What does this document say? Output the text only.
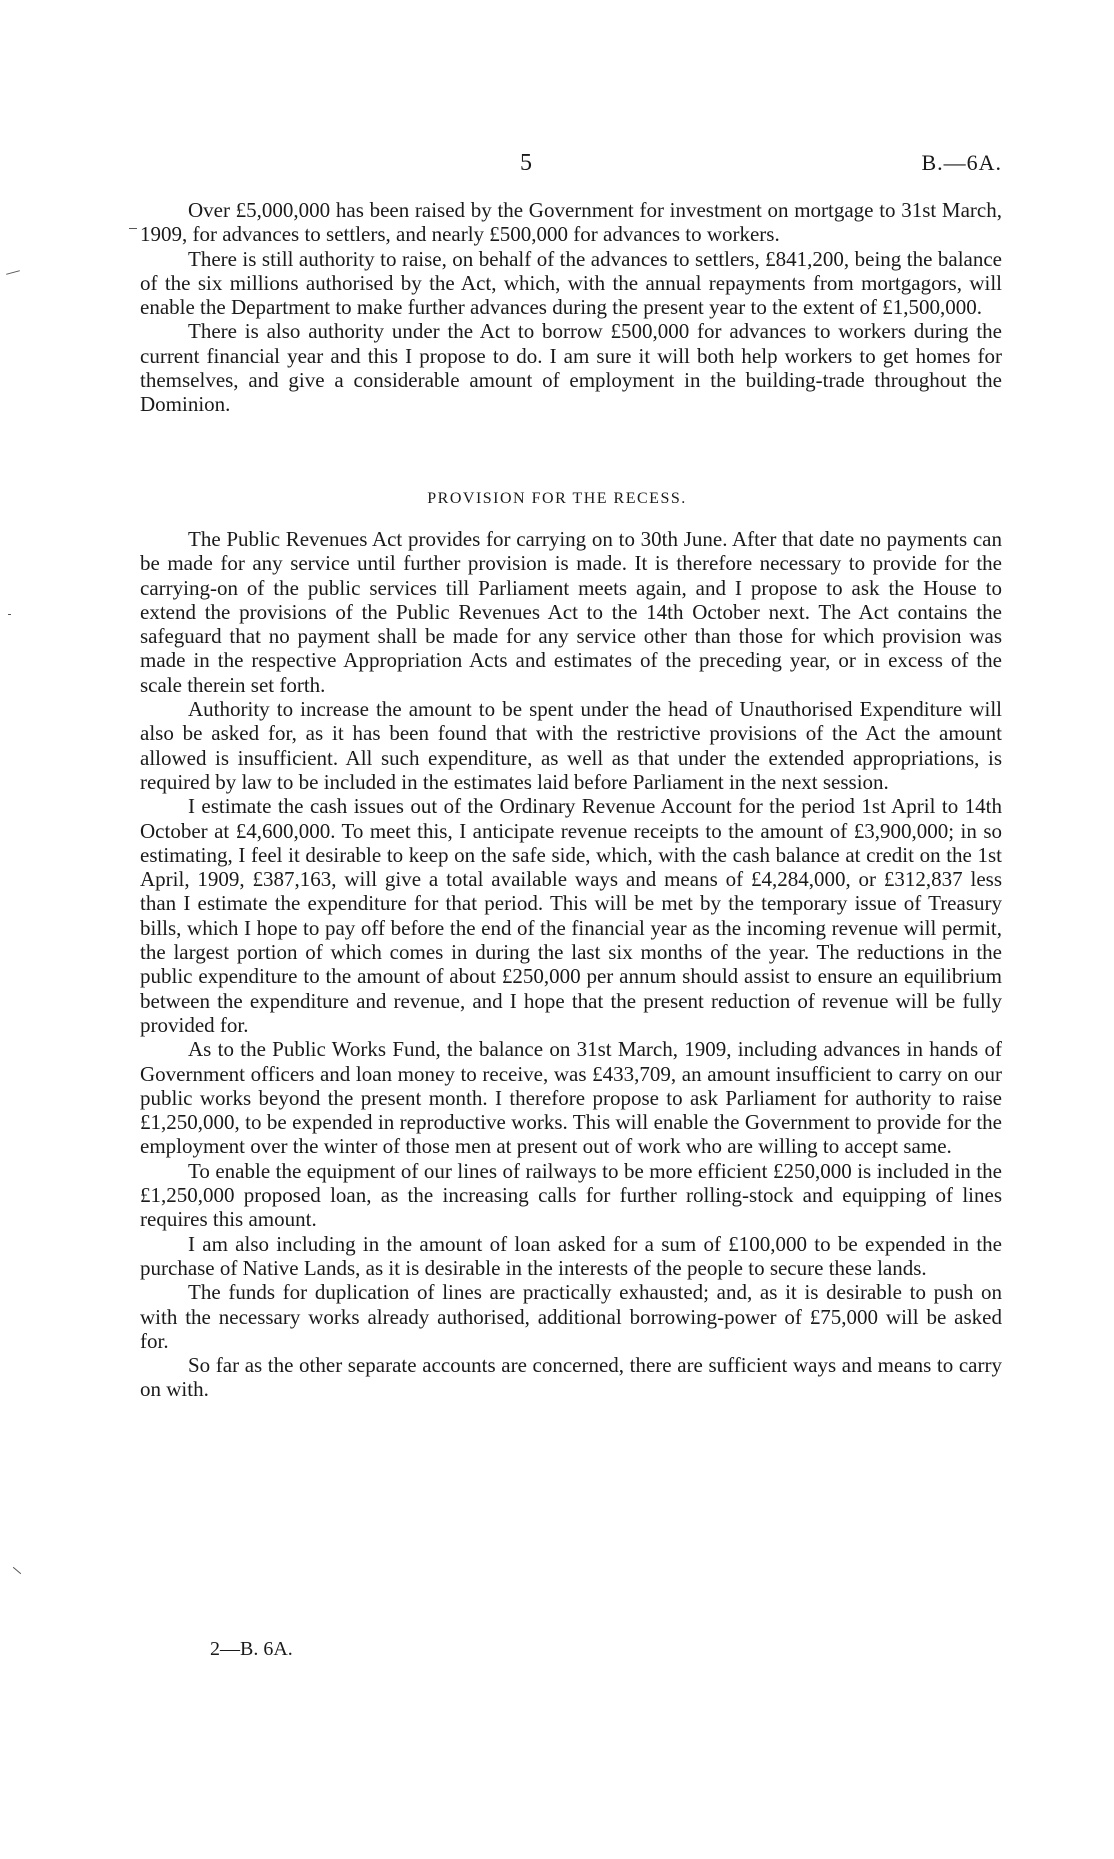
5	B.—6A.

Over £5,000,000 has been raised by the Government for investment on mortgage to 31st March, 1909, for advances to settlers, and nearly £500,000 for advances to workers.

There is still authority to raise, on behalf of the advances to settlers, £841,200, being the balance of the six millions authorised by the Act, which, with the annual repayments from mortgagors, will enable the Department to make further advances during the present year to the extent of £1,500,000.

There is also authority under the Act to borrow £500,000 for advances to workers during the current financial year and this I propose to do. I am sure it will both help workers to get homes for themselves, and give a considerable amount of employment in the building-trade throughout the Dominion.

PROVISION FOR THE RECESS.

The Public Revenues Act provides for carrying on to 30th June. After that date no payments can be made for any service until further provision is made. It is therefore necessary to provide for the carrying-on of the public services till Parliament meets again, and I propose to ask the House to extend the provisions of the Public Revenues Act to the 14th October next. The Act contains the safeguard that no payment shall be made for any service other than those for which provision was made in the respective Appropriation Acts and estimates of the preceding year, or in excess of the scale therein set forth.

Authority to increase the amount to be spent under the head of Unauthorised Expenditure will also be asked for, as it has been found that with the restrictive provisions of the Act the amount allowed is insufficient. All such expenditure, as well as that under the extended appropriations, is required by law to be included in the estimates laid before Parliament in the next session.

I estimate the cash issues out of the Ordinary Revenue Account for the period 1st April to 14th October at £4,600,000. To meet this, I anticipate revenue receipts to the amount of £3,900,000; in so estimating, I feel it desirable to keep on the safe side, which, with the cash balance at credit on the 1st April, 1909, £387,163, will give a total available ways and means of £4,284,000, or £312,837 less than I estimate the expenditure for that period. This will be met by the temporary issue of Treasury bills, which I hope to pay off before the end of the financial year as the incoming revenue will permit, the largest portion of which comes in during the last six months of the year. The reductions in the public expenditure to the amount of about £250,000 per annum should assist to ensure an equilibrium between the expenditure and revenue, and I hope that the present reduction of revenue will be fully provided for.

As to the Public Works Fund, the balance on 31st March, 1909, including advances in hands of Government officers and loan money to receive, was £433,709, an amount insufficient to carry on our public works beyond the present month. I therefore propose to ask Parliament for authority to raise £1,250,000, to be expended in reproductive works. This will enable the Government to provide for the employment over the winter of those men at present out of work who are willing to accept same.

To enable the equipment of our lines of railways to be more efficient £250,000 is included in the £1,250,000 proposed loan, as the increasing calls for further rolling-stock and equipping of lines requires this amount.

I am also including in the amount of loan asked for a sum of £100,000 to be expended in the purchase of Native Lands, as it is desirable in the interests of the people to secure these lands.

The funds for duplication of lines are practically exhausted; and, as it is desirable to push on with the necessary works already authorised, additional borrowing-power of £75,000 will be asked for.

So far as the other separate accounts are concerned, there are sufficient ways and means to carry on with.

2—B. 6A.
